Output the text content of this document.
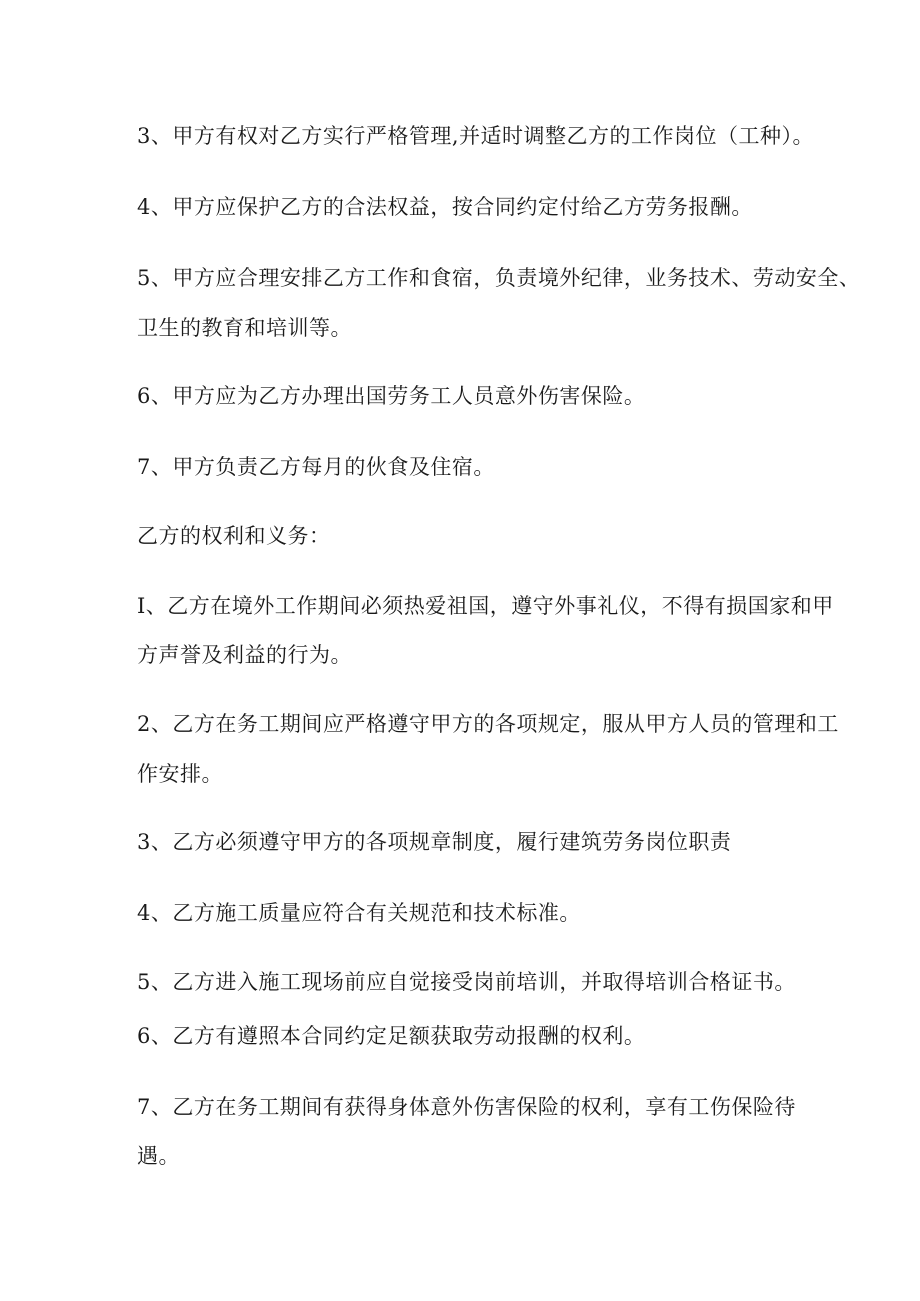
3、甲方有权对乙方实行严格管理,并适时调整乙方的工作岗位（工种）。
4、甲方应保护乙方的合法权益，按合同约定付给乙方劳务报酬。
5、甲方应合理安排乙方工作和食宿，负责境外纪律，业务技术、劳动安全、
卫生的教育和培训等。
6、甲方应为乙方办理出国劳务工人员意外伤害保险。
7、甲方负责乙方每月的伙食及住宿。
乙方的权利和义务：
I、乙方在境外工作期间必须热爱祖国，遵守外事礼仪，不得有损国家和甲
方声誉及利益的行为。
2、乙方在务工期间应严格遵守甲方的各项规定，服从甲方人员的管理和工
作安排。
3、乙方必须遵守甲方的各项规章制度，履行建筑劳务岗位职责
4、乙方施工质量应符合有关规范和技术标准。
5、乙方进入施工现场前应自觉接受岗前培训，并取得培训合格证书。
6、乙方有遵照本合同约定足额获取劳动报酬的权利。
7、乙方在务工期间有获得身体意外伤害保险的权利，享有工伤保险待
遇。
